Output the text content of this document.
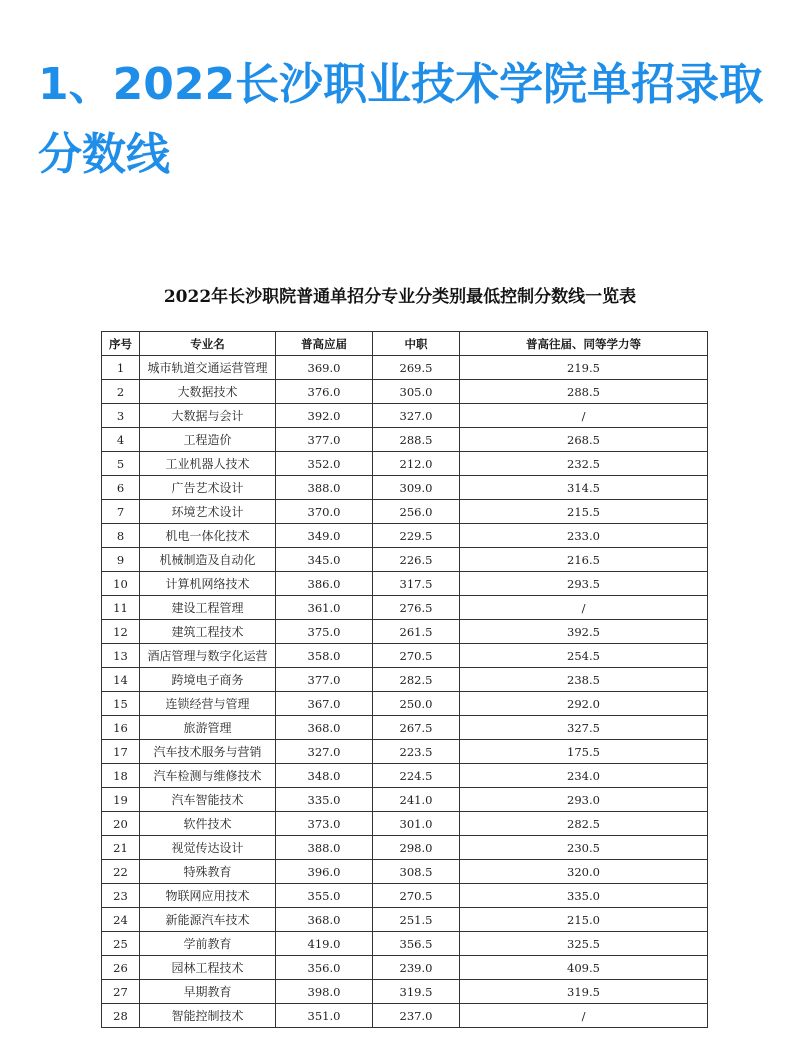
1、2022长沙职业技术学院单招录取分数线
2022年长沙职院普通单招分专业分类别最低控制分数线一览表
序号	专业名	普高应届	中职	普高往届、同等学力等
1	城市轨道交通运营管理	369.0	269.5	219.5
2	大数据技术	376.0	305.0	288.5
3	大数据与会计	392.0	327.0	/
4	工程造价	377.0	288.5	268.5
5	工业机器人技术	352.0	212.0	232.5
6	广告艺术设计	388.0	309.0	314.5
7	环境艺术设计	370.0	256.0	215.5
8	机电一体化技术	349.0	229.5	233.0
9	机械制造及自动化	345.0	226.5	216.5
10	计算机网络技术	386.0	317.5	293.5
11	建设工程管理	361.0	276.5	/
12	建筑工程技术	375.0	261.5	392.5
13	酒店管理与数字化运营	358.0	270.5	254.5
14	跨境电子商务	377.0	282.5	238.5
15	连锁经营与管理	367.0	250.0	292.0
16	旅游管理	368.0	267.5	327.5
17	汽车技术服务与营销	327.0	223.5	175.5
18	汽车检测与维修技术	348.0	224.5	234.0
19	汽车智能技术	335.0	241.0	293.0
20	软件技术	373.0	301.0	282.5
21	视觉传达设计	388.0	298.0	230.5
22	特殊教育	396.0	308.5	320.0
23	物联网应用技术	355.0	270.5	335.0
24	新能源汽车技术	368.0	251.5	215.0
25	学前教育	419.0	356.5	325.5
26	园林工程技术	356.0	239.0	409.5
27	早期教育	398.0	319.5	319.5
28	智能控制技术	351.0	237.0	/
